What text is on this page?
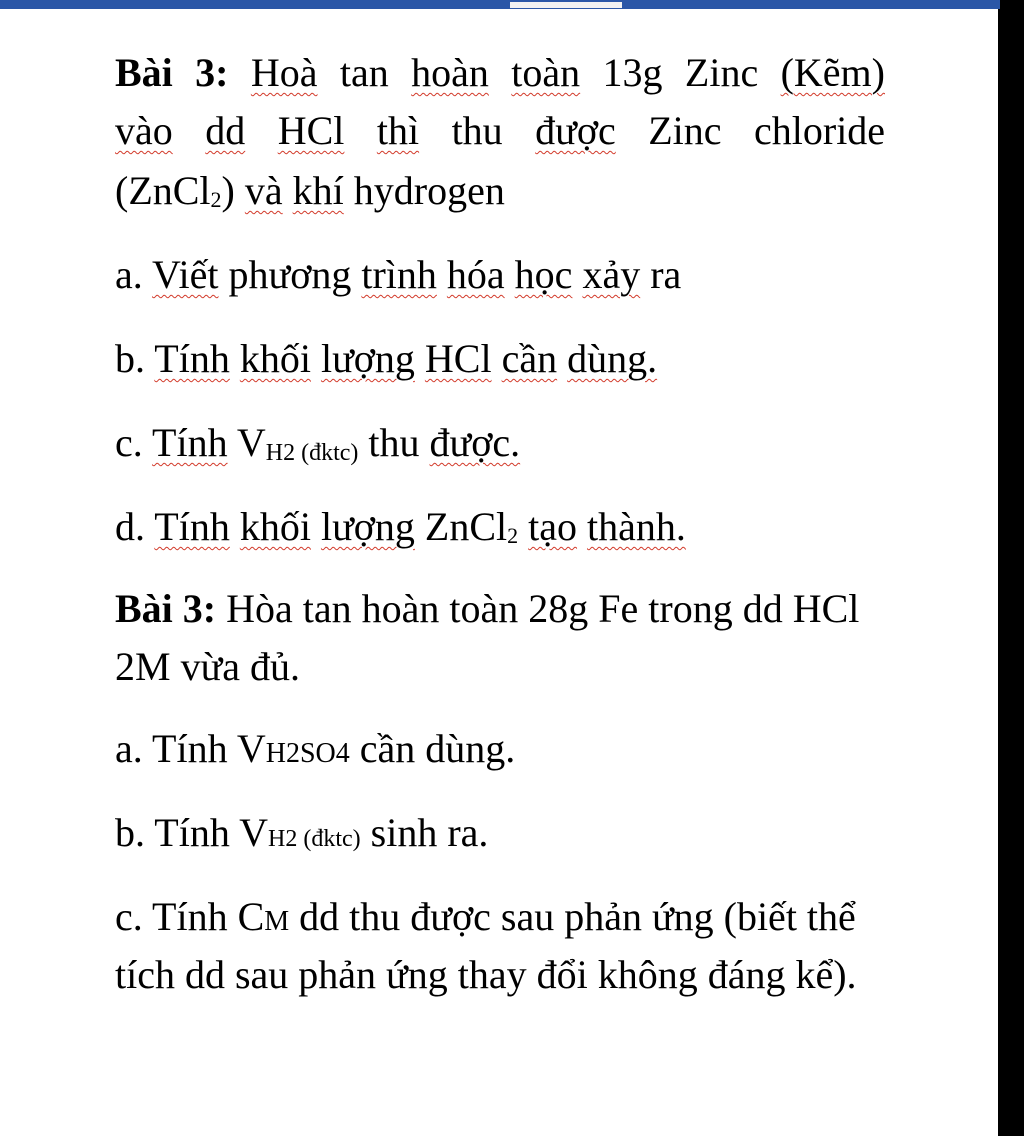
Bài 3: Hoà tan hoàn toàn 13g Zinc (Kẽm)
vào dd HCl thì thu được Zinc chloride
(ZnCl2) và khí hydrogen
a. Viết phương trình hóa học xảy ra
b. Tính khối lượng HCl cần dùng.
c. Tính VH2 (đktc) thu được.
d. Tính khối lượng ZnCl2 tạo thành.
Bài 3: Hòa tan hoàn toàn 28g Fe trong dd HCl
2M vừa đủ.
a. Tính VH2SO4 cần dùng.
b. Tính VH2 (đktc) sinh ra.
c. Tính CM dd thu được sau phản ứng (biết thể
tích dd sau phản ứng thay đổi không đáng kể).
